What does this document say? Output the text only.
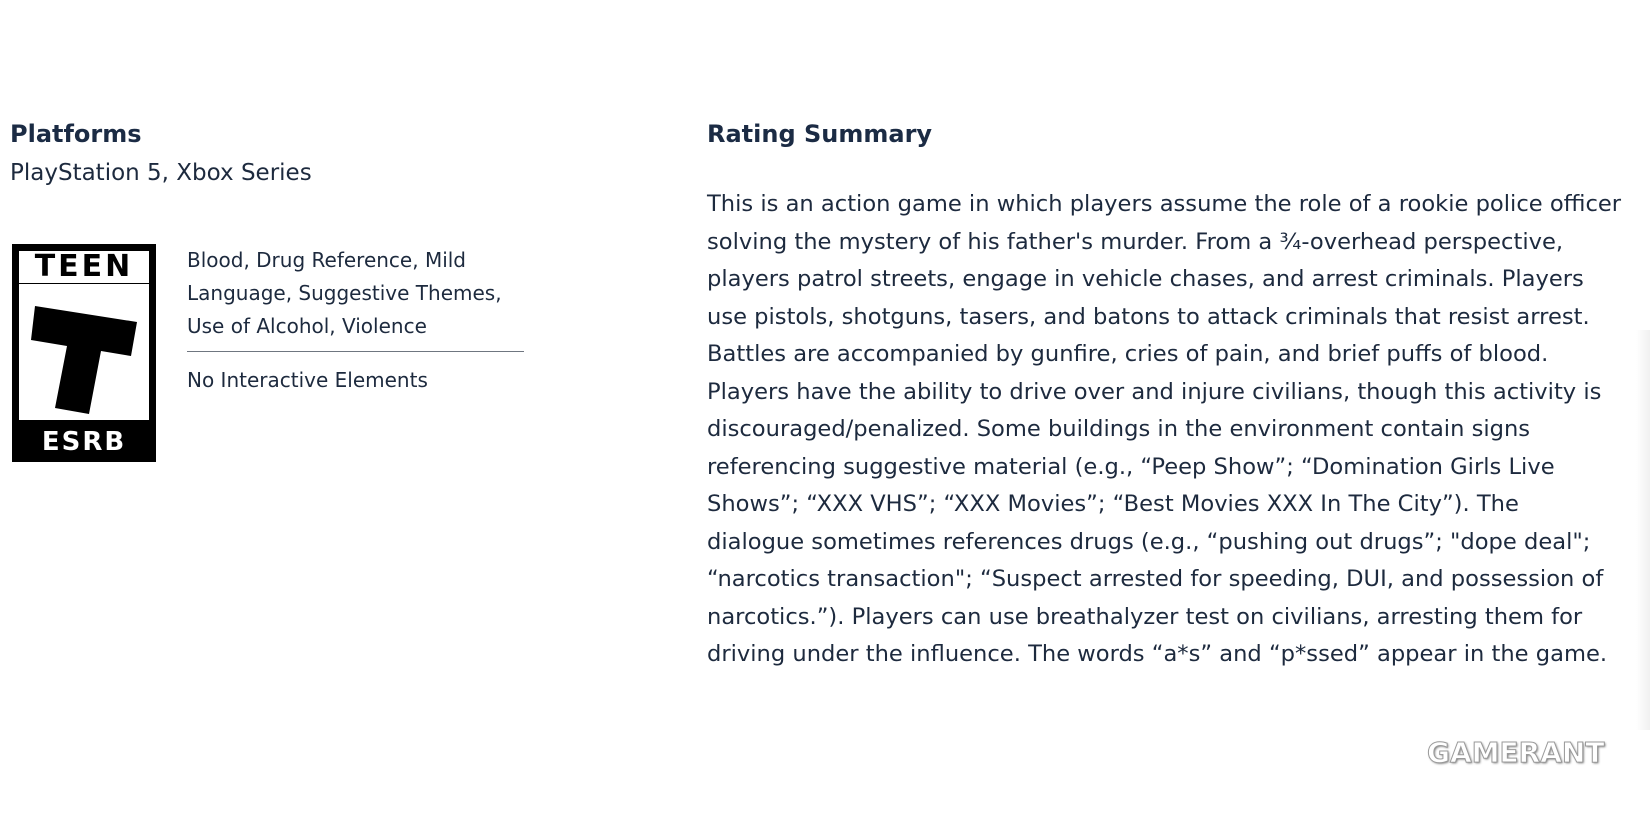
Platforms
PlayStation 5, Xbox Series
TEEN
ESRB
Blood, Drug Reference, Mild Language, Suggestive Themes, Use of Alcohol, Violence
No Interactive Elements
Rating Summary
This is an action game in which players assume the role of a rookie police officer solving the mystery of his father's murder. From a ¾-overhead perspective, players patrol streets, engage in vehicle chases, and arrest criminals. Players use pistols, shotguns, tasers, and batons to attack criminals that resist arrest. Battles are accompanied by gunfire, cries of pain, and brief puffs of blood. Players have the ability to drive over and injure civilians, though this activity is discouraged/penalized. Some buildings in the environment contain signs referencing suggestive material (e.g., “Peep Show”; “Domination Girls Live Shows”; “XXX VHS”; “XXX Movies”; “Best Movies XXX In The City”). The dialogue sometimes references drugs (e.g., “pushing out drugs”; "dope deal"; “narcotics transaction"; “Suspect arrested for speeding, DUI, and possession of narcotics.”). Players can use breathalyzer test on civilians, arresting them for driving under the influence. The words “a*s” and “p*ssed” appear in the game.
GAMERANT
